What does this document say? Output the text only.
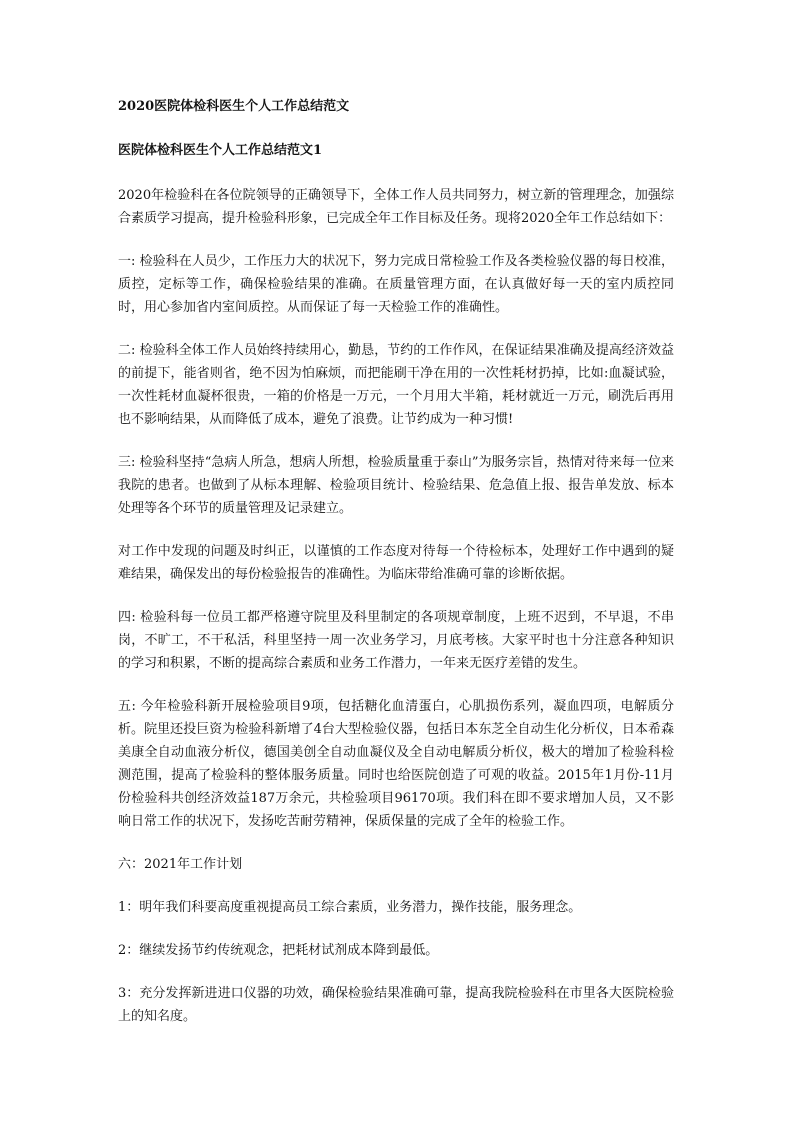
2020医院体检科医生个人工作总结范文
医院体检科医生个人工作总结范文1

2020年检验科在各位院领导的正确领导下，全体工作人员共同努力，树立新的管理理念，加强综合素质学习提高，提升检验科形象，已完成全年工作目标及任务。现将2020全年工作总结如下：

一: 检验科在人员少，工作压力大的状况下，努力完成日常检验工作及各类检验仪器的每日校准，质控，定标等工作，确保检验结果的准确。在质量管理方面，在认真做好每一天的室内质控同时，用心参加省内室间质控。从而保证了每一天检验工作的准确性。

二: 检验科全体工作人员始终持续用心，勤恳，节约的工作作风，在保证结果准确及提高经济效益的前提下，能省则省，绝不因为怕麻烦，而把能刷干净在用的一次性耗材扔掉，比如:血凝试验，一次性耗材血凝杯很贵，一箱的价格是一万元，一个月用大半箱，耗材就近一万元，刷洗后再用也不影响结果，从而降低了成本，避免了浪费。让节约成为一种习惯!

三: 检验科坚持“急病人所急，想病人所想，检验质量重于泰山”为服务宗旨，热情对待来每一位来我院的患者。也做到了从标本理解、检验项目统计、检验结果、危急值上报、报告单发放、标本处理等各个环节的质量管理及记录建立。

对工作中发现的问题及时纠正，以谨慎的工作态度对待每一个待检标本，处理好工作中遇到的疑难结果，确保发出的每份检验报告的准确性。为临床带给准确可靠的诊断依据。

四: 检验科每一位员工都严格遵守院里及科里制定的各项规章制度，上班不迟到，不早退，不串岗，不旷工，不干私活，科里坚持一周一次业务学习，月底考核。大家平时也十分注意各种知识的学习和积累，不断的提高综合素质和业务工作潜力，一年来无医疗差错的发生。

五: 今年检验科新开展检验项目9项，包括糖化血清蛋白，心肌损伤系列，凝血四项，电解质分析。院里还投巨资为检验科新增了4台大型检验仪器，包括日本东芝全自动生化分析仪，日本希森美康全自动血液分析仪，德国美创全自动血凝仪及全自动电解质分析仪，极大的增加了检验科检测范围，提高了检验科的整体服务质量。同时也给医院创造了可观的收益。2015年1月份-11月份检验科共创经济效益187万余元，共检验项目96170项。我们科在即不要求增加人员，又不影响日常工作的状况下，发扬吃苦耐劳精神，保质保量的完成了全年的检验工作。

六：2021年工作计划

1：明年我们科要高度重视提高员工综合素质，业务潜力，操作技能，服务理念。

2：继续发扬节约传统观念，把耗材试剂成本降到最低。

3：充分发挥新进进口仪器的功效，确保检验结果准确可靠，提高我院检验科在市里各大医院检验上的知名度。
